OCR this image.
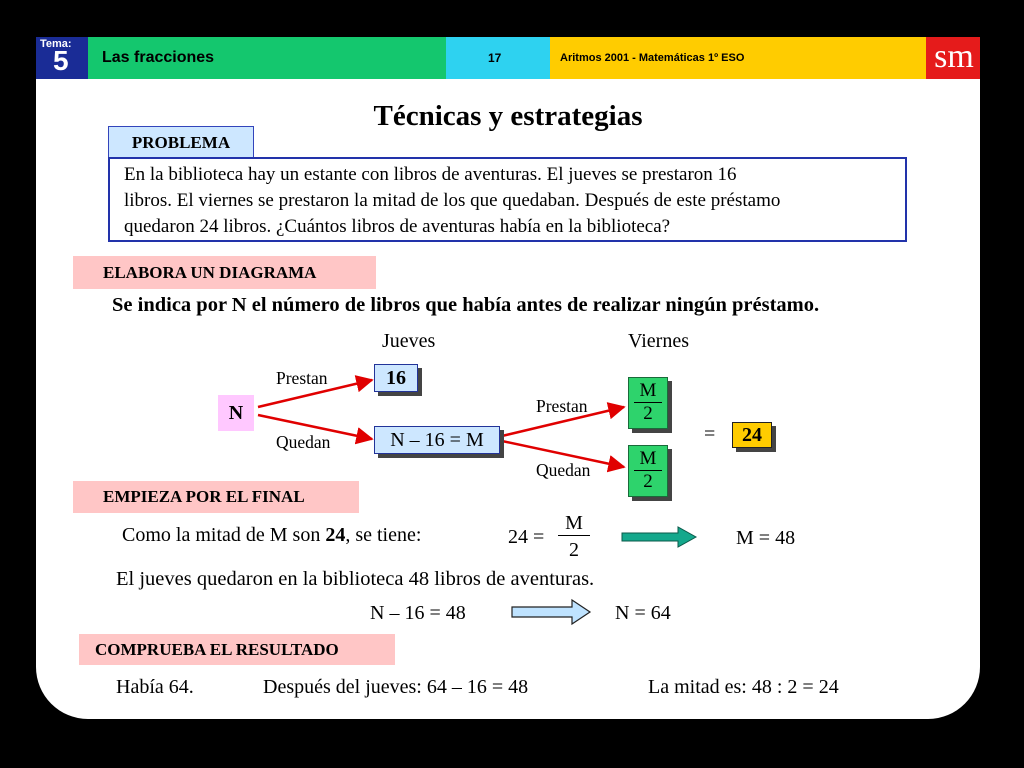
Tema:
5 Las fracciones	17	Aritmos 2001 - Matemáticas 1º ESO	sm
Técnicas y estrategias
PROBLEMA
En la biblioteca hay un estante con libros de aventuras. El jueves se prestaron 16
libros. El viernes se prestaron la mitad de los que quedaban. Después de este préstamo
quedaron 24 libros. ¿Cuántos libros de aventuras había en la biblioteca?
ELABORA UN DIAGRAMA
Se indica por N el número de libros que había antes de realizar ningún préstamo.
Jueves	Viernes
N
Prestan
Quedan
16
N – 16 = M
Prestan
Quedan
M
2
M
2
=	24
EMPIEZA POR EL FINAL
Como la mitad de M son 24, se tiene:	24 =
M
2
M = 48
El jueves quedaron en la biblioteca 48 libros de aventuras.
N – 16 = 48	N = 64
COMPRUEBA EL RESULTADO
Había 64.	Después del jueves: 64 – 16 = 48	La mitad es: 48 : 2 = 24
